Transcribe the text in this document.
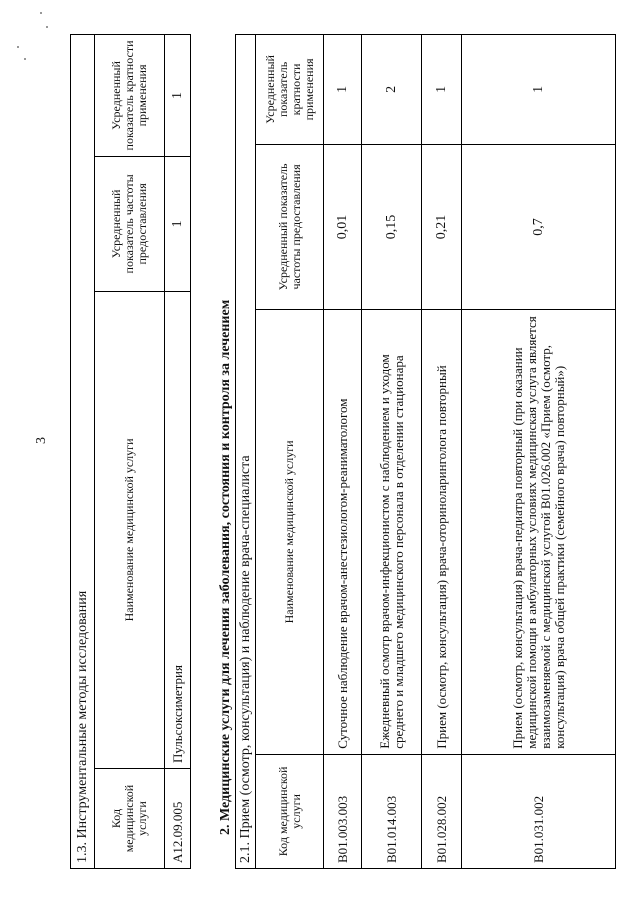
3
1.3. Инструментальные методы исследования			
Код медицинской услуги	Наименование медицинской услуги	Усредненный показатель частоты предоставления	Усредненный показатель кратности применения
A12.09.005	Пульсоксиметрия	1	1
2. Медицинские услуги для лечения заболевания, состояния и контроля за лечением 2.1. Прием (осмотр, консультация) и наблюдение врача-специалиста			
Код медицинской услуги	Наименование медицинской услуги	Усредненный показатель частоты предоставления	Усредненный показатель кратности применения
B01.003.003	Суточное наблюдение врачом-анестезиологом-реаниматологом	0,01	1
B01.014.003	Ежедневный осмотр врачом-инфекционистом с наблюдением и уходом среднего и младшего медицинского персонала в отделении стационара	0,15	2
B01.028.002	Прием (осмотр, консультация) врача-оториноларинголога повторный	0,21	1
B01.031.002	Прием (осмотр, консультация) врача-педиатра повторный (при оказании медицинской помощи в амбулаторных условиях медицинская услуга является взаимозаменяемой с медицинской услугой B01.026.002 «Прием (осмотр, консультация) врача общей практики (семейного врача) повторный»)	0,7	1
